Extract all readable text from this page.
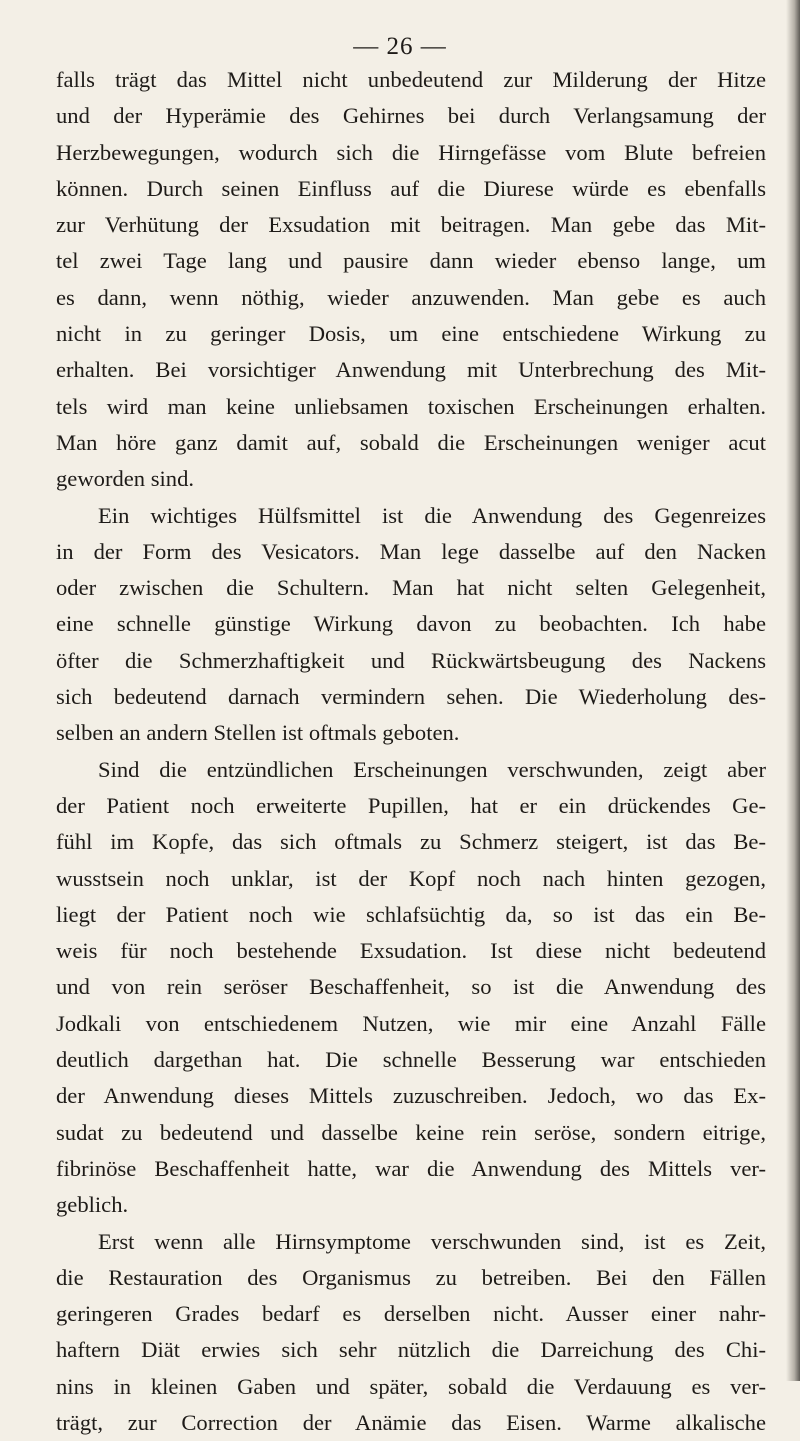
— 26 —
falls trägt das Mittel nicht unbedeutend zur Milderung der Hitze
und der Hyperämie des Gehirnes bei durch Verlangsamung der
Herzbewegungen, wodurch sich die Hirngefässe vom Blute befreien
können. Durch seinen Einfluss auf die Diurese würde es ebenfalls
zur Verhütung der Exsudation mit beitragen. Man gebe das Mit-
tel zwei Tage lang und pausire dann wieder ebenso lange, um
es dann, wenn nöthig, wieder anzuwenden. Man gebe es auch
nicht in zu geringer Dosis, um eine entschiedene Wirkung zu
erhalten. Bei vorsichtiger Anwendung mit Unterbrechung des Mit-
tels wird man keine unliebsamen toxischen Erscheinungen erhalten.
Man höre ganz damit auf, sobald die Erscheinungen weniger acut
geworden sind.
Ein wichtiges Hülfsmittel ist die Anwendung des Gegenreizes
in der Form des Vesicators. Man lege dasselbe auf den Nacken
oder zwischen die Schultern. Man hat nicht selten Gelegenheit,
eine schnelle günstige Wirkung davon zu beobachten. Ich habe
öfter die Schmerzhaftigkeit und Rückwärtsbeugung des Nackens
sich bedeutend darnach vermindern sehen. Die Wiederholung des-
selben an andern Stellen ist oftmals geboten.
Sind die entzündlichen Erscheinungen verschwunden, zeigt aber
der Patient noch erweiterte Pupillen, hat er ein drückendes Ge-
fühl im Kopfe, das sich oftmals zu Schmerz steigert, ist das Be-
wusstsein noch unklar, ist der Kopf noch nach hinten gezogen,
liegt der Patient noch wie schlafsüchtig da, so ist das ein Be-
weis für noch bestehende Exsudation. Ist diese nicht bedeutend
und von rein seröser Beschaffenheit, so ist die Anwendung des
Jodkali von entschiedenem Nutzen, wie mir eine Anzahl Fälle
deutlich dargethan hat. Die schnelle Besserung war entschieden
der Anwendung dieses Mittels zuzuschreiben. Jedoch, wo das Ex-
sudat zu bedeutend und dasselbe keine rein seröse, sondern eitrige,
fibrinöse Beschaffenheit hatte, war die Anwendung des Mittels ver-
geblich.
Erst wenn alle Hirnsymptome verschwunden sind, ist es Zeit,
die Restauration des Organismus zu betreiben. Bei den Fällen
geringeren Grades bedarf es derselben nicht. Ausser einer nahr-
haftern Diät erwies sich sehr nützlich die Darreichung des Chi-
nins in kleinen Gaben und später, sobald die Verdauung es ver-
trägt, zur Correction der Anämie das Eisen. Warme alkalische
